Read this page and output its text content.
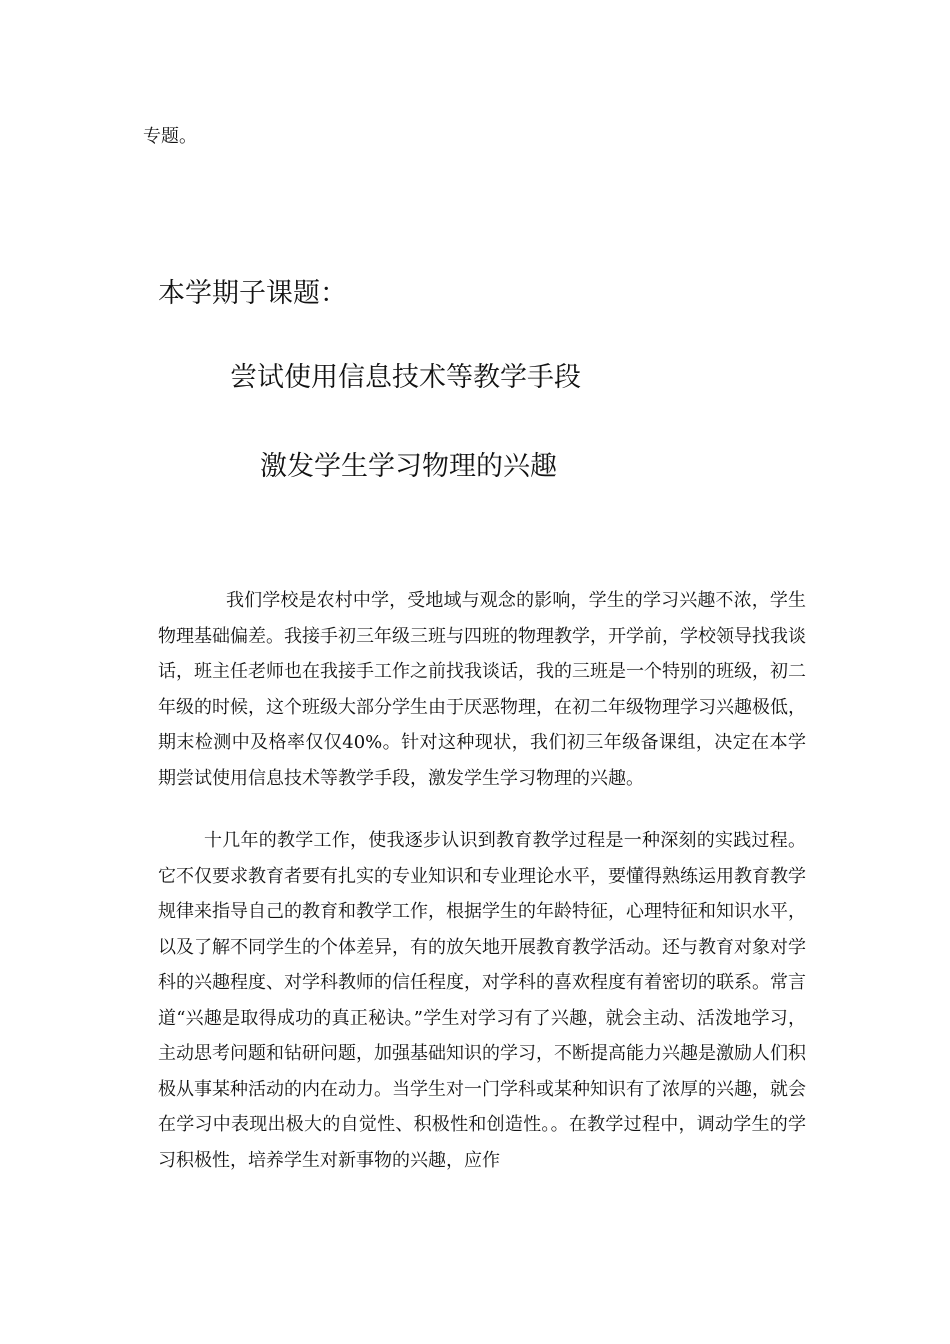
专题。
本学期子课题：
尝试使用信息技术等教学手段
激发学生学习物理的兴趣

我们学校是农村中学，受地域与观念的影响，学生的学习兴趣不浓，学生物理基础偏差。我接手初三年级三班与四班的物理教学，开学前，学校领导找我谈话，班主任老师也在我接手工作之前找我谈话，我的三班是一个特别的班级，初二年级的时候，这个班级大部分学生由于厌恶物理，在初二年级物理学习兴趣极低，期末检测中及格率仅仅40%。针对这种现状，我们初三年级备课组，决定在本学期尝试使用信息技术等教学手段，激发学生学习物理的兴趣。

十几年的教学工作，使我逐步认识到教育教学过程是一种深刻的实践过程。它不仅要求教育者要有扎实的专业知识和专业理论水平，要懂得熟练运用教育教学规律来指导自己的教育和教学工作，根据学生的年龄特征，心理特征和知识水平，以及了解不同学生的个体差异，有的放矢地开展教育教学活动。还与教育对象对学科的兴趣程度、对学科教师的信任程度，对学科的喜欢程度有着密切的联系。常言道“兴趣是取得成功的真正秘诀。”学生对学习有了兴趣，就会主动、活泼地学习，主动思考问题和钻研问题，加强基础知识的学习，不断提高能力兴趣是激励人们积极从事某种活动的内在动力。当学生对一门学科或某种知识有了浓厚的兴趣，就会在学习中表现出极大的自觉性、积极性和创造性。。在教学过程中，调动学生的学习积极性，培养学生对新事物的兴趣，应作
